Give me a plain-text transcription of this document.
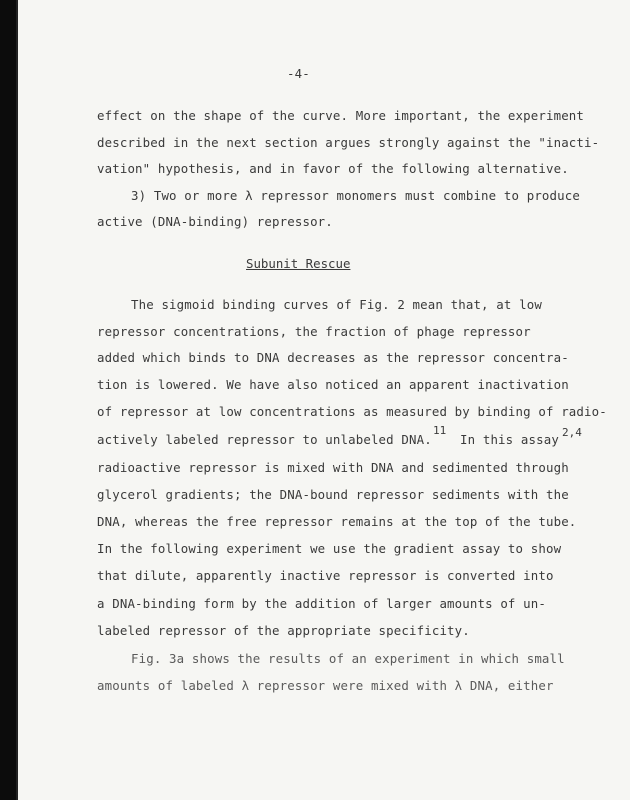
-4-
effect on the shape of the curve. More important, the experiment
described in the next section argues strongly against the "inacti-
vation" hypothesis, and in favor of the following alternative.
3) Two or more λ repressor monomers must combine to produce
active (DNA-binding) repressor.
Subunit Rescue
The sigmoid binding curves of Fig. 2 mean that, at low
repressor concentrations, the fraction of phage repressor
added which binds to DNA decreases as the repressor concentra-
tion is lowered. We have also noticed an apparent inactivation
of repressor at low concentrations as measured by binding of radio-
actively labeled repressor to unlabeled DNA.
11
In this assay 2,4
radioactive repressor is mixed with DNA and sedimented through
glycerol gradients; the DNA-bound repressor sediments with the
DNA, whereas the free repressor remains at the top of the tube.
In the following experiment we use the gradient assay to show
that dilute, apparently inactive repressor is converted into
a DNA-binding form by the addition of larger amounts of un-
labeled repressor of the appropriate specificity.
Fig. 3a shows the results of an experiment in which small
amounts of labeled λ repressor were mixed with λ DNA, either
